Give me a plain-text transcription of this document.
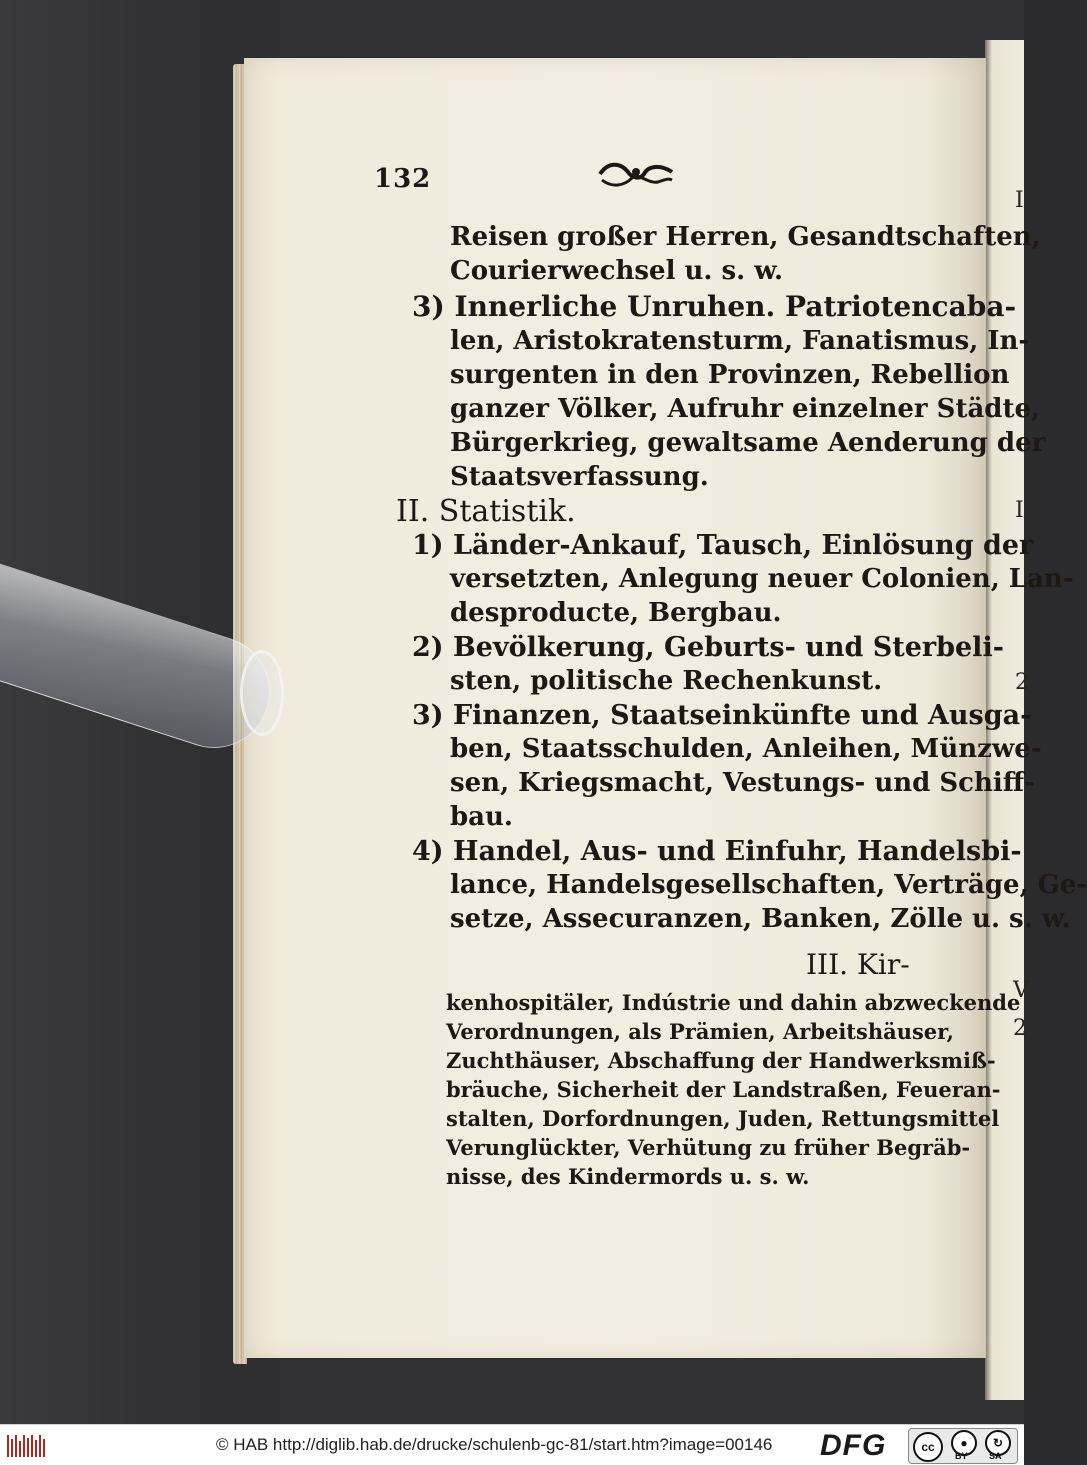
I
I
2
V
2
132
Reisen großer Herren, Gesandtschaften,
Courierwechsel u. s. w.
3) Innerliche Unruhen. Patriotencaba-
len, Aristokratensturm, Fanatismus, In-
surgenten in den Provinzen, Rebellion
ganzer Völker, Aufruhr einzelner Städte,
Bürgerkrieg, gewaltsame Aenderung der
Staatsverfassung.
II. Statistik.
1) Länder-Ankauf, Tausch, Einlösung der
versetzten, Anlegung neuer Colonien, Lan-
desproducte, Bergbau.
2) Bevölkerung, Geburts- und Sterbeli-
sten, politische Rechenkunst.
3) Finanzen, Staatseinkünfte und Ausga-
ben, Staatsschulden, Anleihen, Münzwe-
sen, Kriegsmacht, Vestungs- und Schiff-
bau.
4) Handel, Aus- und Einfuhr, Handelsbi-
lance, Handelsgesellschaften, Verträge, Ge-
setze, Assecuranzen, Banken, Zölle u. s. w.
III. Kir-
kenhospitäler, Indústrie und dahin abzweckende
Verordnungen, als Prämien, Arbeitshäuser,
Zuchthäuser, Abschaffung der Handwerksmiß-
bräuche, Sicherheit der Landstraßen, Feueran-
stalten, Dorfordnungen, Juden, Rettungsmittel
Verunglückter, Verhütung zu früher Begräb-
nisse, des Kindermords u. s. w.
© HAB http://diglib.hab.de/drucke/schulenb-gc-81/start.htm?image=00146 DFG	cc	●	↻
BY SA
